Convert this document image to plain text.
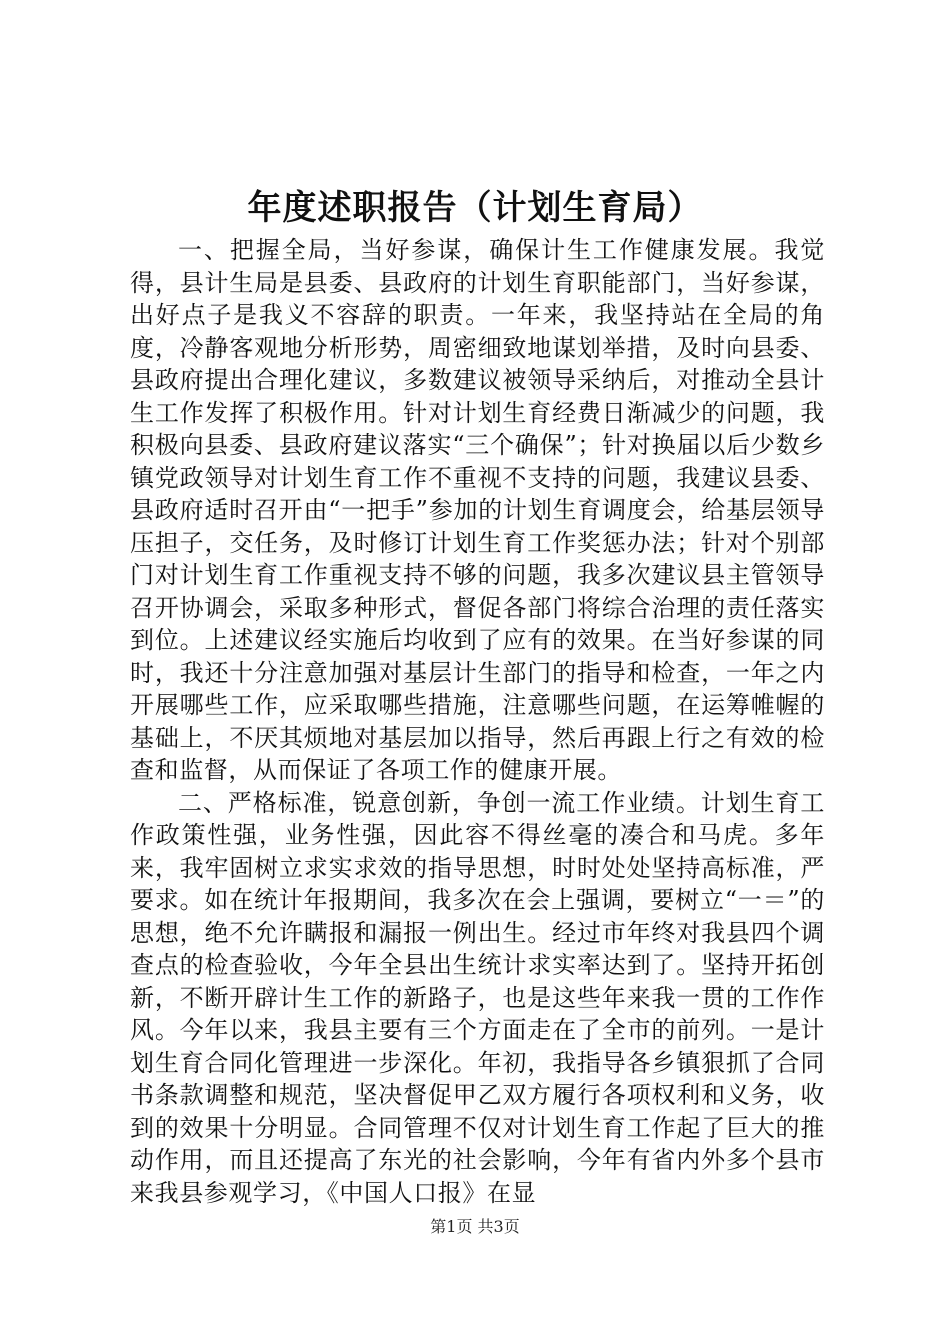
年度述职报告（计划生育局）

一、把握全局，当好参谋，确保计生工作健康发展。我觉得，县计生局是县委、县政府的计划生育职能部门，当好参谋，出好点子是我义不容辞的职责。一年来，我坚持站在全局的角度，冷静客观地分析形势，周密细致地谋划举措，及时向县委、县政府提出合理化建议，多数建议被领导采纳后，对推动全县计生工作发挥了积极作用。针对计划生育经费日渐减少的问题，我积极向县委、县政府建议落实“三个确保”；针对换届以后少数乡镇党政领导对计划生育工作不重视不支持的问题，我建议县委、县政府适时召开由“一把手”参加的计划生育调度会，给基层领导压担子，交任务，及时修订计划生育工作奖惩办法；针对个别部门对计划生育工作重视支持不够的问题，我多次建议县主管领导召开协调会，采取多种形式，督促各部门将综合治理的责任落实到位。上述建议经实施后均收到了应有的效果。在当好参谋的同时，我还十分注意加强对基层计生部门的指导和检查，一年之内开展哪些工作，应采取哪些措施，注意哪些问题，在运筹帷幄的基础上，不厌其烦地对基层加以指导，然后再跟上行之有效的检查和监督，从而保证了各项工作的健康开展。

二、严格标准，锐意创新，争创一流工作业绩。计划生育工作政策性强，业务性强，因此容不得丝毫的凑合和马虎。多年来，我牢固树立求实求效的指导思想，时时处处坚持高标准，严要求。如在统计年报期间，我多次在会上强调，要树立“一＝”的思想，绝不允许瞒报和漏报一例出生。经过市年终对我县四个调查点的检查验收，今年全县出生统计求实率达到了。坚持开拓创新，不断开辟计生工作的新路子，也是这些年来我一贯的工作作风。今年以来，我县主要有三个方面走在了全市的前列。一是计划生育合同化管理进一步深化。年初，我指导各乡镇狠抓了合同书条款调整和规范，坚决督促甲乙双方履行各项权利和义务，收到的效果十分明显。合同管理不仅对计划生育工作起了巨大的推动作用，而且还提高了东光的社会影响，今年有省内外多个县市来我县参观学习，《中国人口报》在显

第1页 共3页
